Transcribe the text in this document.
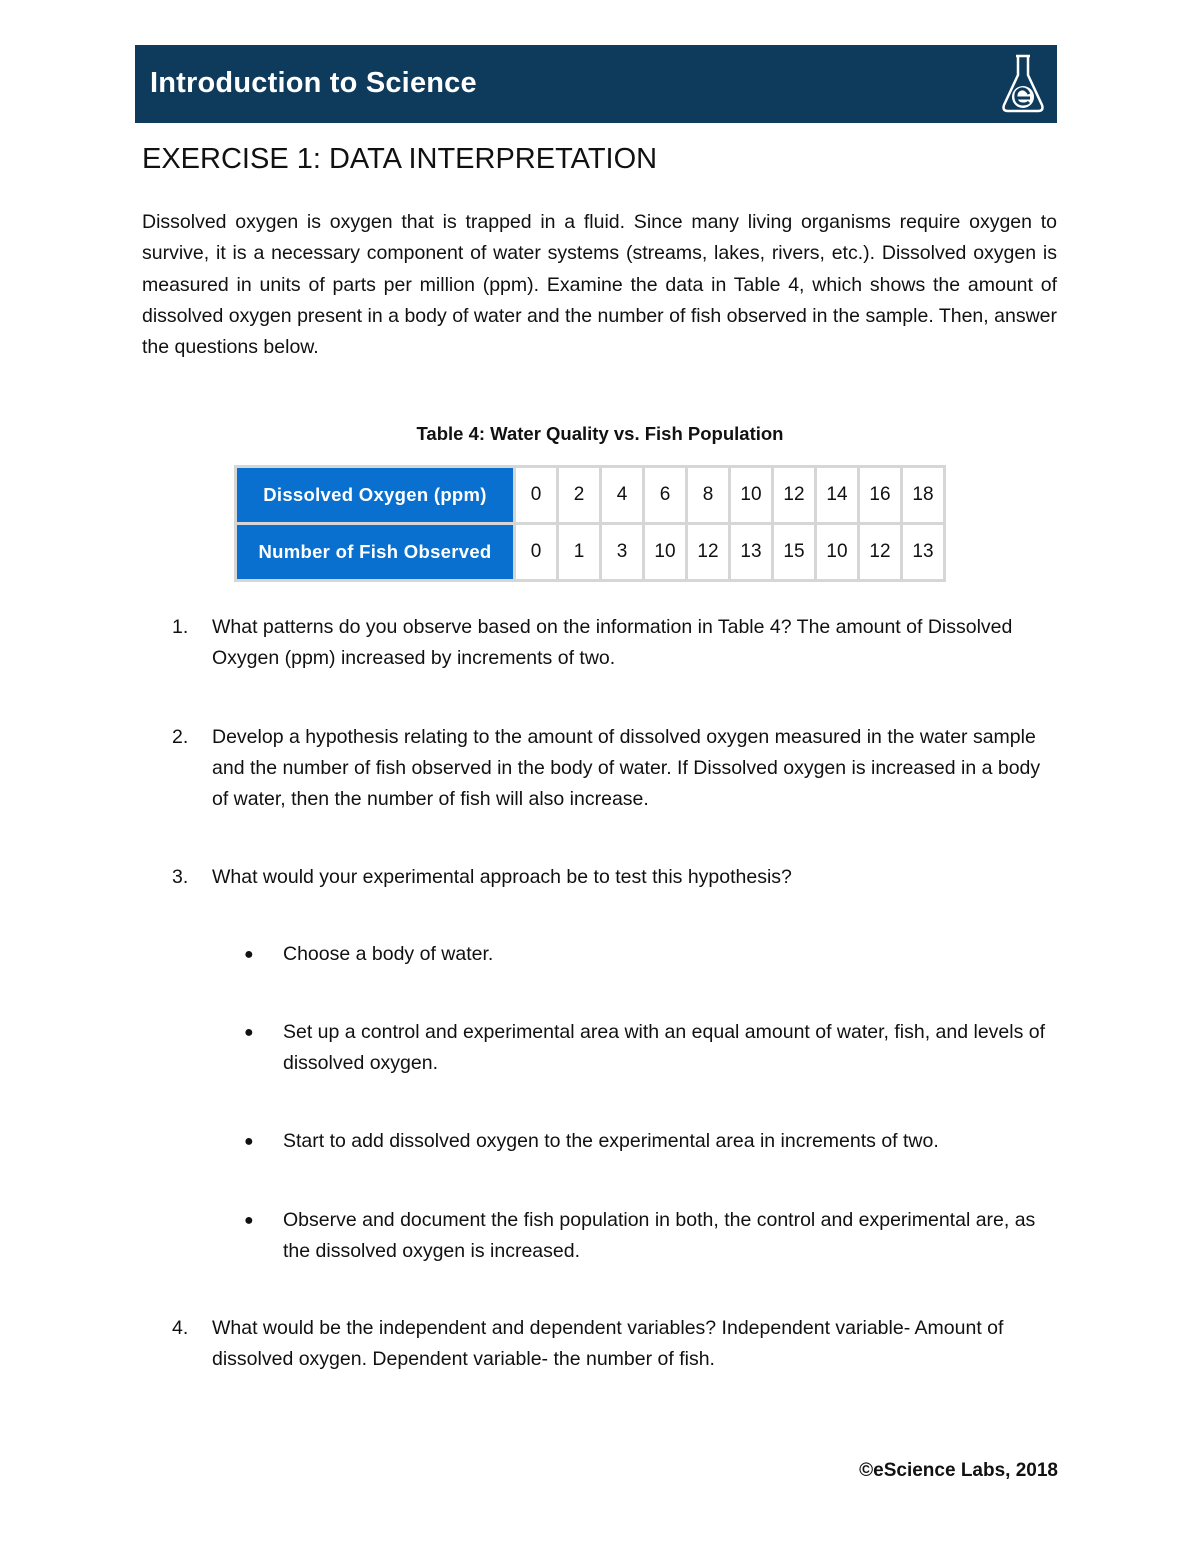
Introduction to Science
EXERCISE 1: DATA INTERPRETATION

Dissolved oxygen is oxygen that is trapped in a fluid. Since many living organisms require oxygen to survive, it is a necessary component of water systems (streams, lakes, rivers, etc.). Dissolved oxygen is measured in units of parts per million (ppm). Examine the data in Table 4, which shows the amount of dissolved oxygen present in a body of water and the number of fish observed in the sample. Then, answer the questions below.

Table 4: Water Quality vs. Fish Population
Dissolved Oxygen (ppm)	0	2	4	6	8	10	12	14	16	18
Number of Fish Observed	0	1	3	10	12	13	15	10	12	13
1. What patterns do you observe based on the information in Table 4? The amount of Dissolved Oxygen (ppm) increased by increments of two.
2. Develop a hypothesis relating to the amount of dissolved oxygen measured in the water sample and the number of fish observed in the body of water. If Dissolved oxygen is increased in a body of water, then the number of fish will also increase.
3. What would your experimental approach be to test this hypothesis?
● Choose a body of water.
● Set up a control and experimental area with an equal amount of water, fish, and levels of dissolved oxygen.
● Start to add dissolved oxygen to the experimental area in increments of two.
● Observe and document the fish population in both, the control and experimental are, as the dissolved oxygen is increased.
4. What would be the independent and dependent variables? Independent variable- Amount of dissolved oxygen. Dependent variable- the number of fish.
©eScience Labs, 2018
